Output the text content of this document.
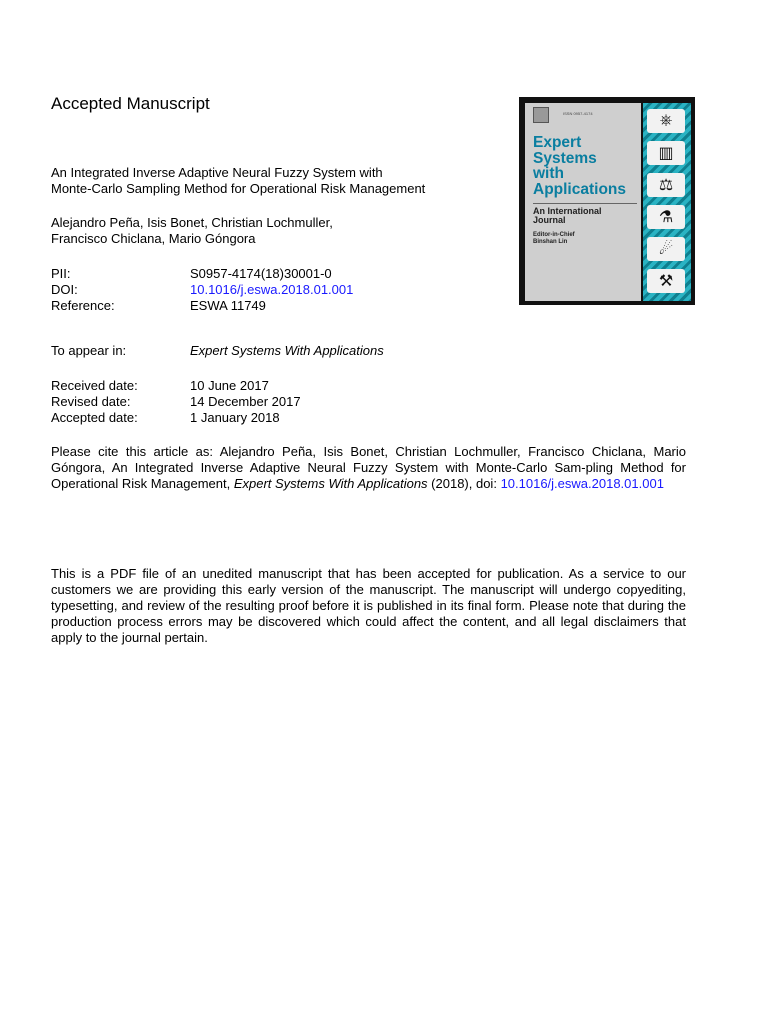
Accepted Manuscript
An Integrated Inverse Adaptive Neural Fuzzy System with
Monte-Carlo Sampling Method for Operational Risk Management
Alejandro Peña, Isis Bonet, Christian Lochmuller,
Francisco Chiclana, Mario Góngora
PII:	S0957-4174(18)30001-0
DOI:	10.1016/j.eswa.2018.01.001
Reference:	ESWA 11749
To appear in:	Expert Systems With Applications
Received date:	10 June 2017
Revised date:	14 December 2017
Accepted date:	1 January 2018
Please cite this article as: Alejandro Peña, Isis Bonet, Christian Lochmuller, Francisco Chiclana, Mario Góngora, An Integrated Inverse Adaptive Neural Fuzzy System with Monte-Carlo Sam-pling Method for Operational Risk Management, Expert Systems With Applications (2018), doi: 10.1016/j.eswa.2018.01.001
This is a PDF file of an unedited manuscript that has been accepted for publication. As a service to our customers we are providing this early version of the manuscript. The manuscript will undergo copyediting, typesetting, and review of the resulting proof before it is published in its final form. Please note that during the production process errors may be discovered which could affect the content, and all legal disclaimers that apply to the journal pertain.
ISSN 0957-4174
Expert
Systems
with
Applications
An International
Journal
Editor-in-Chief
Binshan Lin
⎈
▥
⚖
⚗
☄
⚒
